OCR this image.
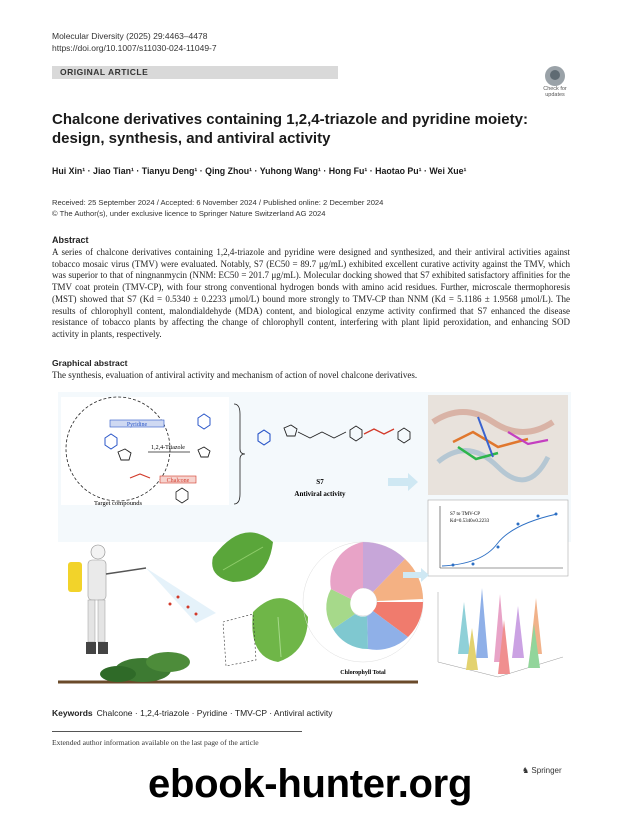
Molecular Diversity (2025) 29:4463–4478
https://doi.org/10.1007/s11030-024-11049-7
ORIGINAL ARTICLE
Check for updates
Chalcone derivatives containing 1,2,4-triazole and pyridine moiety: design, synthesis, and antiviral activity
Hui Xin¹ · Jiao Tian¹ · Tianyu Deng¹ · Qing Zhou¹ · Yuhong Wang¹ · Hong Fu¹ · Haotao Pu¹ · Wei Xue¹
Received: 25 September 2024 / Accepted: 6 November 2024 / Published online: 2 December 2024
© The Author(s), under exclusive licence to Springer Nature Switzerland AG 2024
Abstract
A series of chalcone derivatives containing 1,2,4-triazole and pyridine were designed and synthesized, and their antiviral activities against tobacco mosaic virus (TMV) were evaluated. Notably, S7 (EC50 = 89.7 μg/mL) exhibited excellent curative activity against the TMV, which was superior to that of ningnanmycin (NNM: EC50 = 201.7 μg/mL). Molecular docking showed that S7 exhibited satisfactory affinities for the TMV coat protein (TMV-CP), with four strong conventional hydrogen bonds with amino acid residues. Further, microscale thermophoresis (MST) showed that S7 (Kd = 0.5340 ± 0.2233 μmol/L) bound more strongly to TMV-CP than NNM (Kd = 5.1186 ± 1.9568 μmol/L). The results of chlorophyll content, malondialdehyde (MDA) content, and biological enzyme activity confirmed that S7 enhanced the disease resistance of tobacco plants by affecting the change of chlorophyll content, interfering with plant lipid peroxidation, and enhancing SOD activity in plants, respectively.
Graphical abstract
The synthesis, evaluation of antiviral activity and mechanism of action of novel chalcone derivatives.
Pyridine
1,2,4-Triazole
Chalcone
Target compounds
S7
Antiviral activity
S7 to TMV-CP
Kd=0.5340±0.2233
Chlorophyll Total
Keywords Chalcone · 1,2,4-triazole · Pyridine · TMV-CP · Antiviral activity
Extended author information available on the last page of the article
♞ Springer
ebook-hunter.org
